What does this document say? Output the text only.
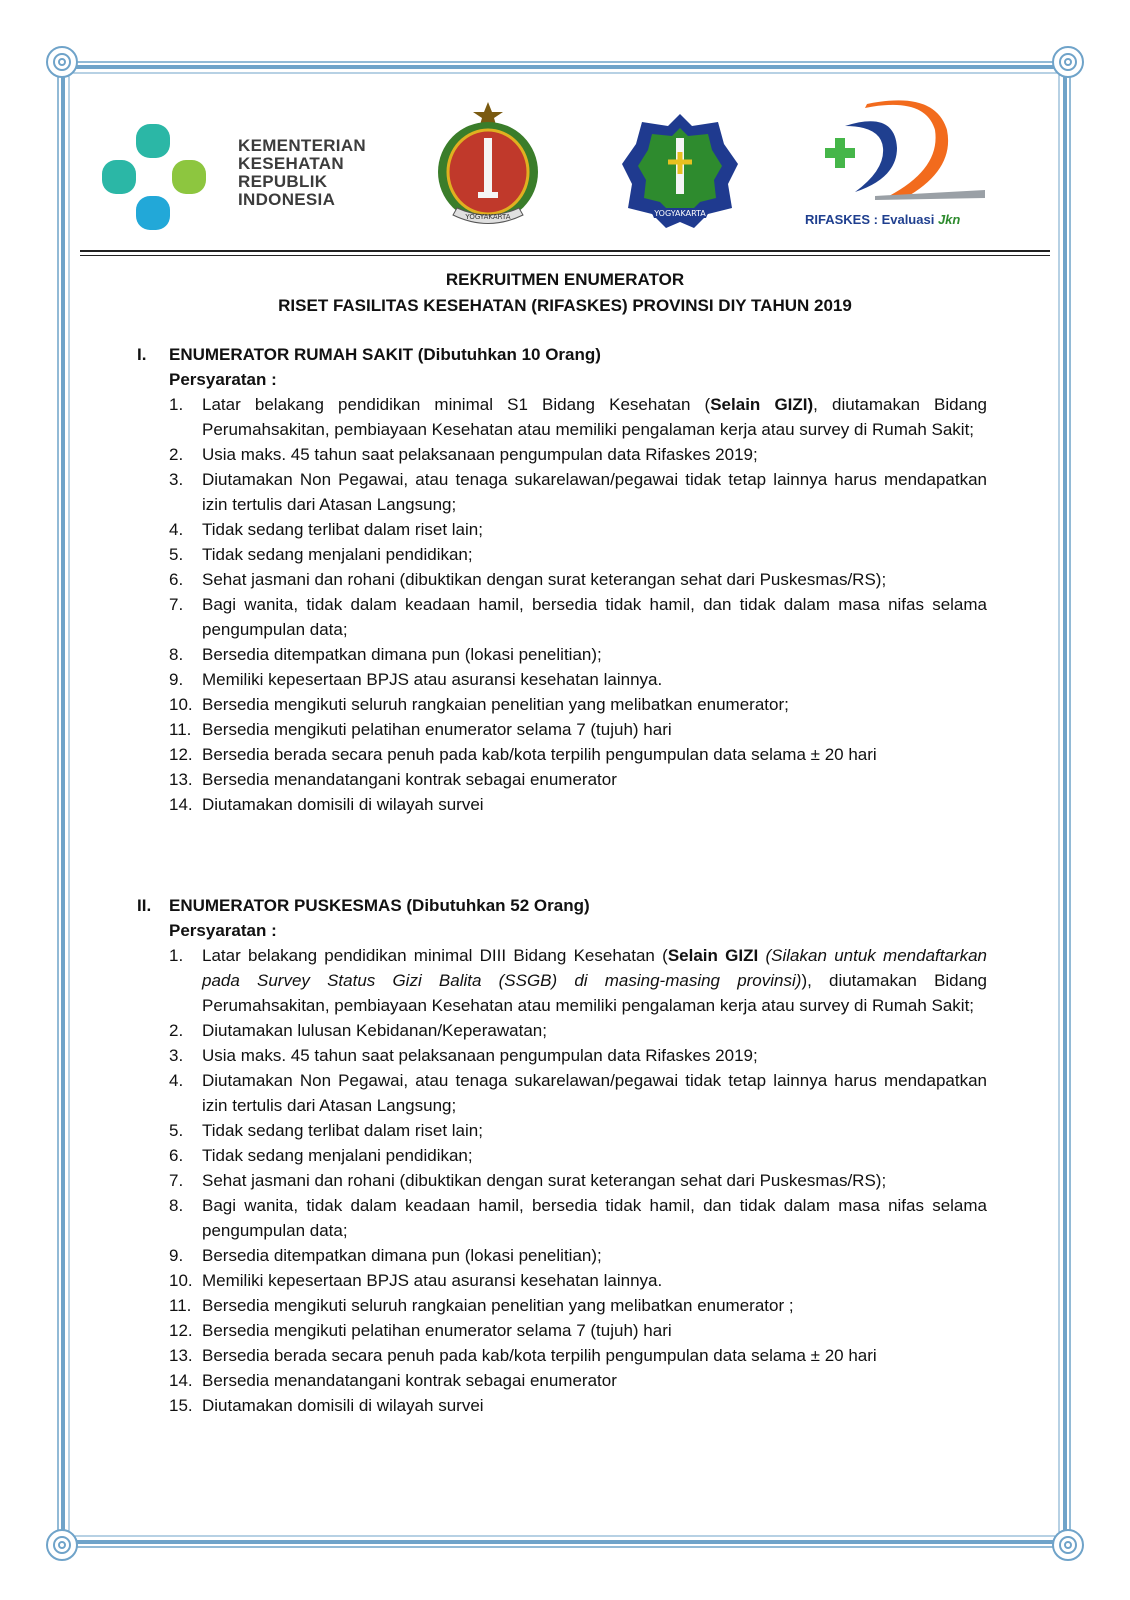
KEMENTERIAN
KESEHATAN
REPUBLIK
INDONESIA
YOGYAKARTA	YOGYAKARTA	RIFASKES : Evaluasi Jkn
REKRUITMEN ENUMERATOR
RISET FASILITAS KESEHATAN (RIFASKES) PROVINSI DIY TAHUN 2019
I. ENUMERATOR RUMAH SAKIT (Dibutuhkan 10 Orang)
Persyaratan :
1. Latar belakang pendidikan minimal S1 Bidang Kesehatan (Selain GIZI), diutamakan Bidang Perumahsakitan, pembiayaan Kesehatan atau memiliki pengalaman kerja atau survey di Rumah Sakit;
2. Usia maks. 45 tahun saat pelaksanaan pengumpulan data Rifaskes 2019;
3. Diutamakan Non Pegawai, atau tenaga sukarelawan/pegawai tidak tetap lainnya harus mendapatkan izin tertulis dari Atasan Langsung;
4. Tidak sedang terlibat dalam riset lain;
5. Tidak sedang menjalani pendidikan;
6. Sehat jasmani dan rohani (dibuktikan dengan surat keterangan sehat dari Puskesmas/RS);
7. Bagi wanita, tidak dalam keadaan hamil, bersedia tidak hamil, dan tidak dalam masa nifas selama pengumpulan data;
8. Bersedia ditempatkan dimana pun (lokasi penelitian);
9. Memiliki kepesertaan BPJS atau asuransi kesehatan lainnya.
10. Bersedia mengikuti seluruh rangkaian penelitian yang melibatkan enumerator;
11. Bersedia mengikuti pelatihan enumerator selama 7 (tujuh) hari
12. Bersedia berada secara penuh pada kab/kota terpilih pengumpulan data selama ± 20 hari
13. Bersedia menandatangani kontrak sebagai enumerator
14. Diutamakan domisili di wilayah survei
II. ENUMERATOR PUSKESMAS (Dibutuhkan 52 Orang)
Persyaratan :
1. Latar belakang pendidikan minimal DIII Bidang Kesehatan (Selain GIZI (Silakan untuk mendaftarkan pada Survey Status Gizi Balita (SSGB) di masing-masing provinsi)), diutamakan Bidang Perumahsakitan, pembiayaan Kesehatan atau memiliki pengalaman kerja atau survey di Rumah Sakit;
2. Diutamakan lulusan Kebidanan/Keperawatan;
3. Usia maks. 45 tahun saat pelaksanaan pengumpulan data Rifaskes 2019;
4. Diutamakan Non Pegawai, atau tenaga sukarelawan/pegawai tidak tetap lainnya harus mendapatkan izin tertulis dari Atasan Langsung;
5. Tidak sedang terlibat dalam riset lain;
6. Tidak sedang menjalani pendidikan;
7. Sehat jasmani dan rohani (dibuktikan dengan surat keterangan sehat dari Puskesmas/RS);
8. Bagi wanita, tidak dalam keadaan hamil, bersedia tidak hamil, dan tidak dalam masa nifas selama pengumpulan data;
9. Bersedia ditempatkan dimana pun (lokasi penelitian);
10. Memiliki kepesertaan BPJS atau asuransi kesehatan lainnya.
11. Bersedia mengikuti seluruh rangkaian penelitian yang melibatkan enumerator ;
12. Bersedia mengikuti pelatihan enumerator selama 7 (tujuh) hari
13. Bersedia berada secara penuh pada kab/kota terpilih pengumpulan data selama ± 20 hari
14. Bersedia menandatangani kontrak sebagai enumerator
15. Diutamakan domisili di wilayah survei
